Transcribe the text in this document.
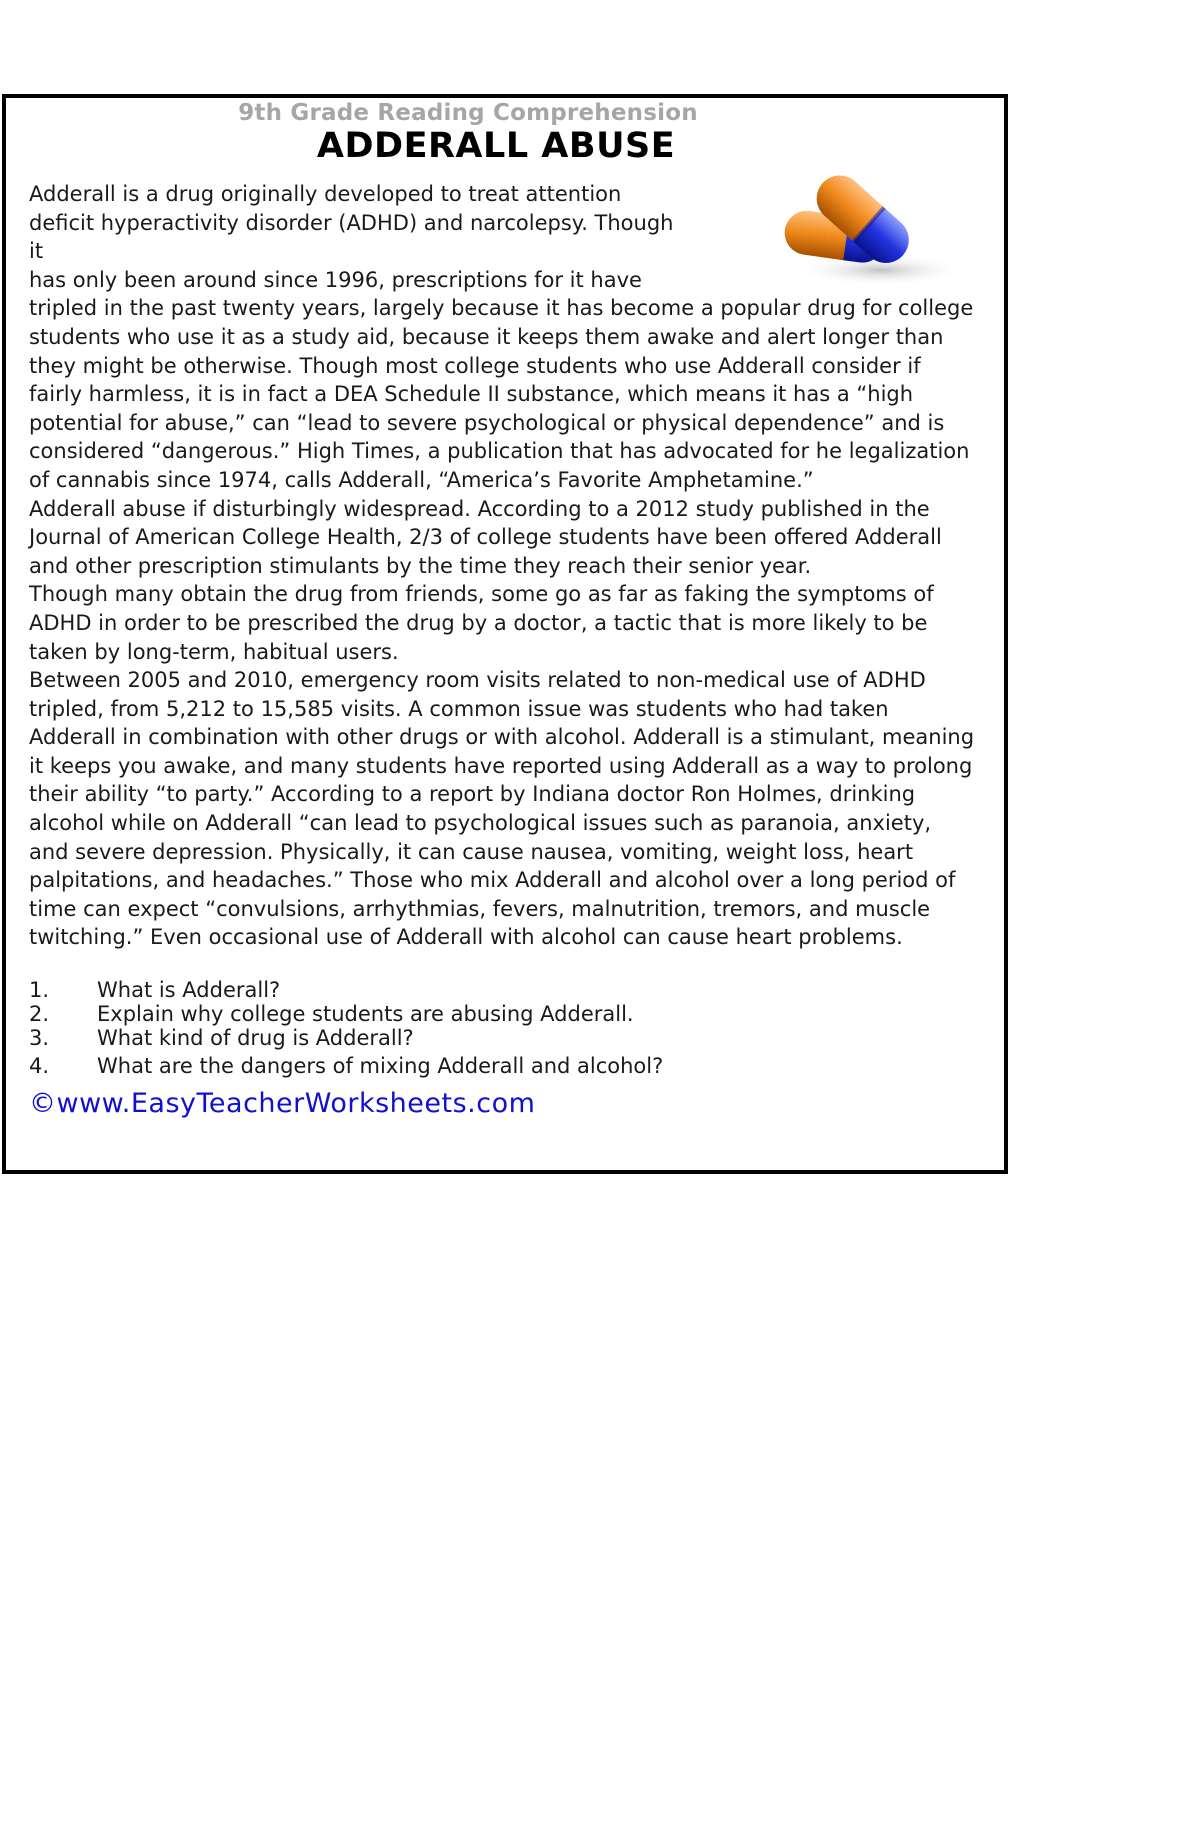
9th Grade Reading Comprehension
ADDERALL ABUSE
Adderall is a drug originally developed to treat attention
deficit hyperactivity disorder (ADHD) and narcolepsy. Though
it
has only been around since 1996, prescriptions for it have
tripled in the past twenty years, largely because it has become a popular drug for college
students who use it as a study aid, because it keeps them awake and alert longer than
they might be otherwise. Though most college students who use Adderall consider if
fairly harmless, it is in fact a DEA Schedule II substance, which means it has a “high
potential for abuse,” can “lead to severe psychological or physical dependence” and is
considered “dangerous.” High Times, a publication that has advocated for he legalization
of cannabis since 1974, calls Adderall, “America’s Favorite Amphetamine.”
Adderall abuse if disturbingly widespread. According to a 2012 study published in the
Journal of American College Health, 2/3 of college students have been offered Adderall
and other prescription stimulants by the time they reach their senior year.
Though many obtain the drug from friends, some go as far as faking the symptoms of
ADHD in order to be prescribed the drug by a doctor, a tactic that is more likely to be
taken by long-term, habitual users.
Between 2005 and 2010, emergency room visits related to non-medical use of ADHD
tripled, from 5,212 to 15,585 visits. A common issue was students who had taken
Adderall in combination with other drugs or with alcohol. Adderall is a stimulant, meaning
it keeps you awake, and many students have reported using Adderall as a way to prolong
their ability “to party.” According to a report by Indiana doctor Ron Holmes, drinking
alcohol while on Adderall “can lead to psychological issues such as paranoia, anxiety,
and severe depression. Physically, it can cause nausea, vomiting, weight loss, heart
palpitations, and headaches.” Those who mix Adderall and alcohol over a long period of
time can expect “convulsions, arrhythmias, fevers, malnutrition, tremors, and muscle
twitching.” Even occasional use of Adderall with alcohol can cause heart problems.
1. What is Adderall?
2. Explain why college students are abusing Adderall.
3. What kind of drug is Adderall?
4. What are the dangers of mixing Adderall and alcohol?
©www.EasyTeacherWorksheets.com
